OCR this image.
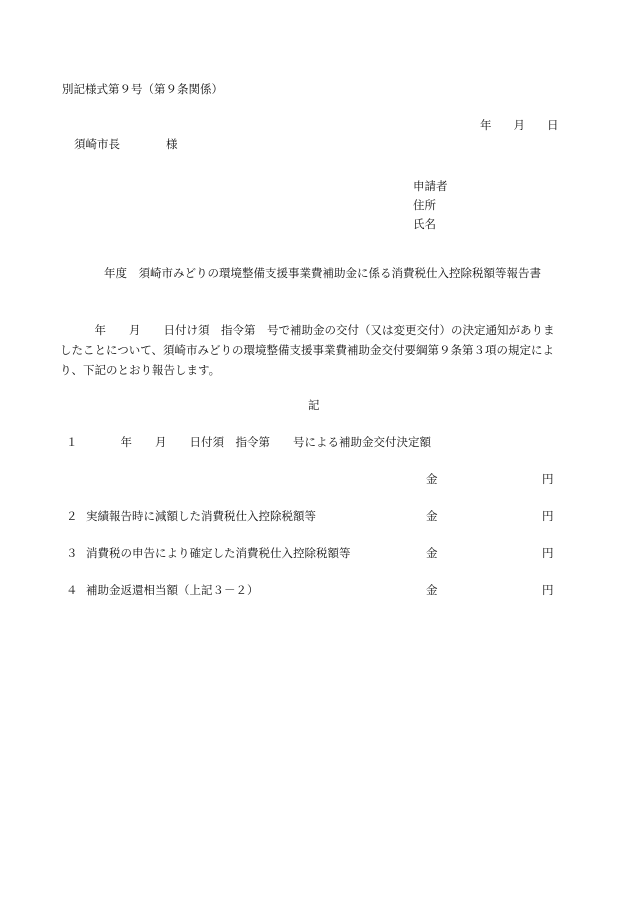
別記様式第９号（第９条関係）
年 月 日
須崎市長　　　　様
申請者
住所
氏名
年度　須崎市みどりの環境整備支援事業費補助金に係る消費税仕入控除税額等報告書
　　　年　　月　　日付け須　指令第　号で補助金の交付（又は変更交付）の決定通知がありま
したことについて、須崎市みどりの環境整備支援事業費補助金交付要綱第９条第３項の規定によ
り、下記のとおり報告します。
記
１ 　　　年　　月　　日付須　指令第　　号による補助金交付決定額
金	円
２ 実績報告時に減額した消費税仕入控除税額等	金	円
３ 消費税の申告により確定した消費税仕入控除税額等	金	円
４ 補助金返還相当額（上記３－２）	金	円
